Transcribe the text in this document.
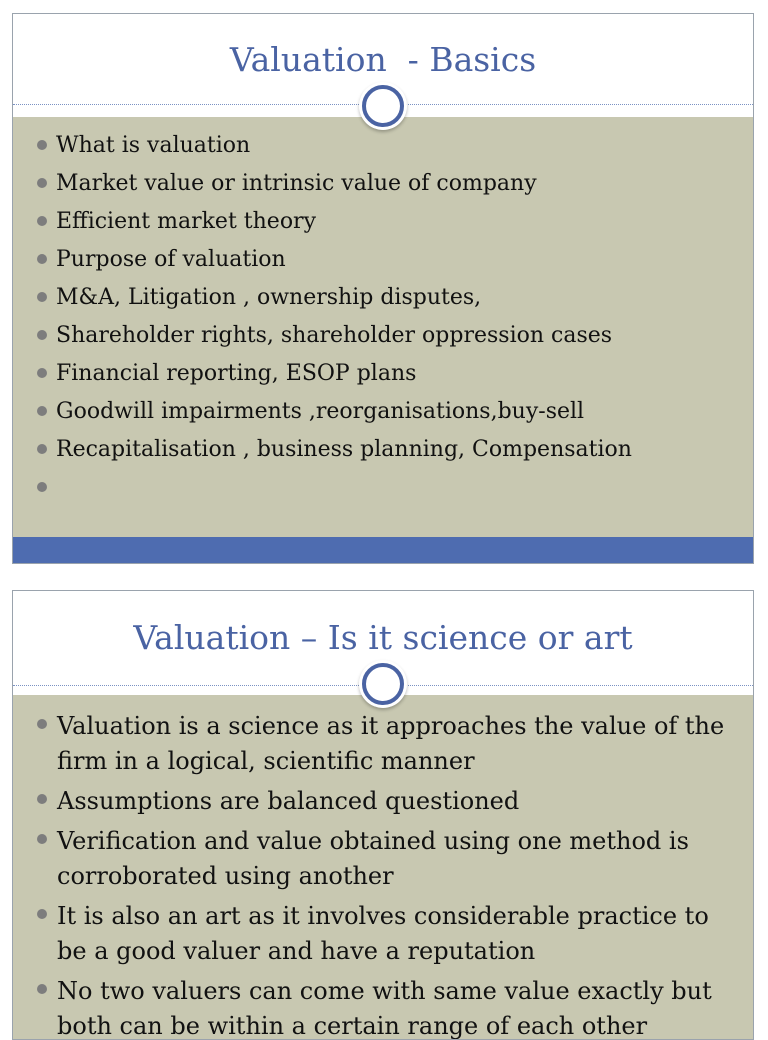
Valuation  - Basics
What is valuation
Market value or intrinsic value of company
Efficient market theory
Purpose of valuation
M&A, Litigation , ownership disputes,
Shareholder rights, shareholder oppression cases
Financial reporting, ESOP plans
Goodwill impairments ,reorganisations,buy-sell
Recapitalisation , business planning, Compensation
Valuation – Is it science or art
Valuation is a science as it approaches the value of the firm in a logical, scientific manner
Assumptions are balanced questioned
Verification and value obtained using one method is corroborated using another
It is also an art as it involves considerable practice to be a good valuer and have a reputation
No two valuers can come with same value exactly but both can be within a certain range of each other
